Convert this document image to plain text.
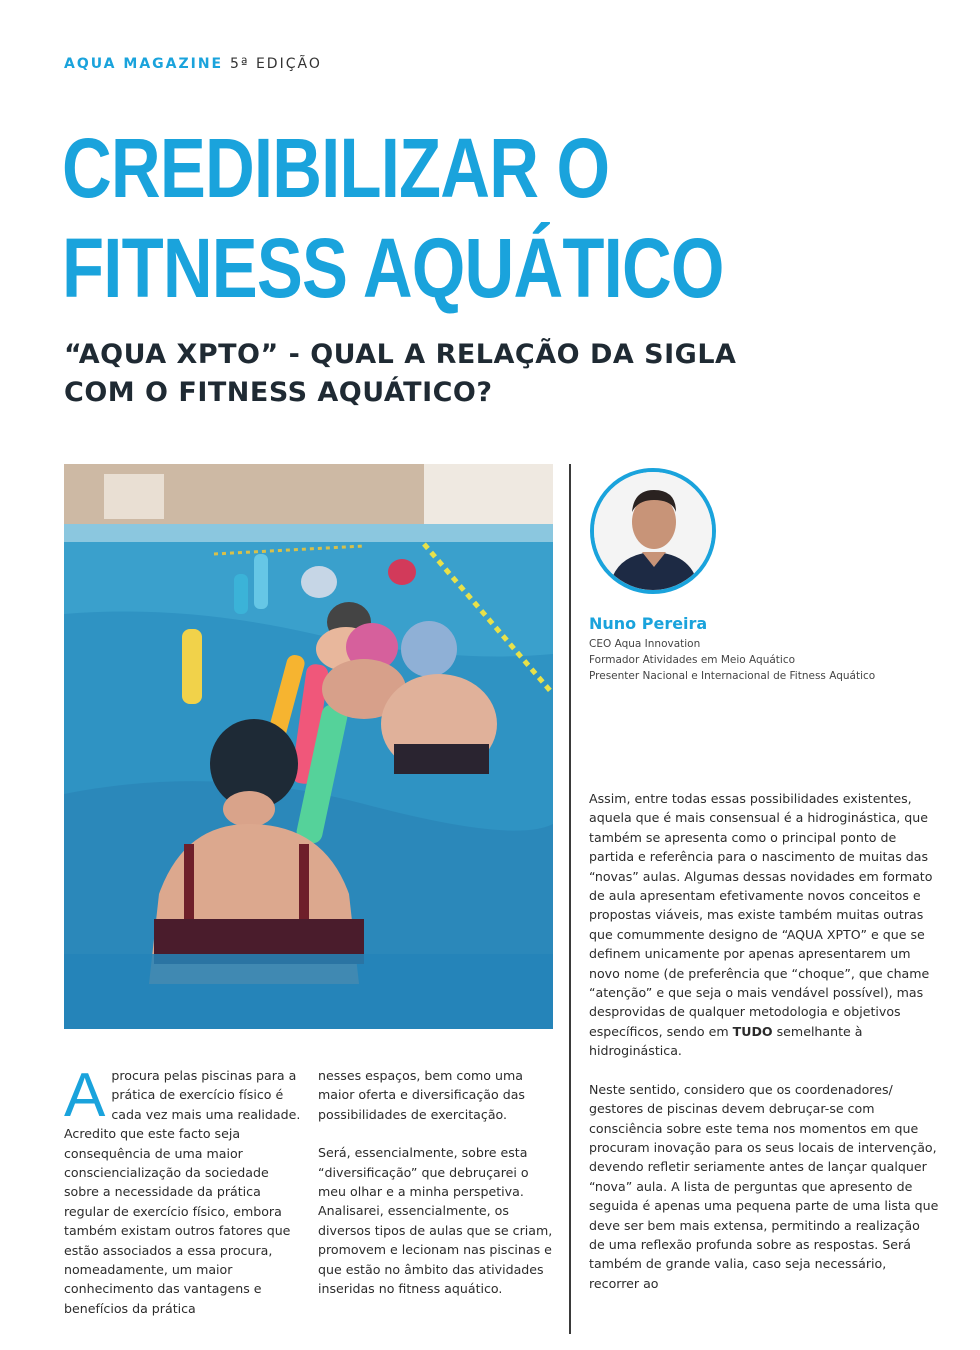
AQUA MAGAZINE 5ª EDIÇÃO
CREDIBILIZAR O
FITNESS AQUÁTICO
“AQUA XPTO” - QUAL A RELAÇÃO DA SIGLA
COM O FITNESS AQUÁTICO?
Nuno Pereira
CEO Aqua Innovation
Formador Atividades em Meio Aquático
Presenter Nacional e Internacional de Fitness Aquático

Aprocura pelas piscinas para a prática de exercício físico é cada vez mais uma realidade. Acredito que este facto seja consequência de uma maior consciencialização da sociedade sobre a necessidade da prática regular de exercício físico, embora também existam outros fatores que estão associados a essa procura, nomeadamente, um maior conhecimento das vantagens e benefícios da prática

nesses espaços, bem como uma maior oferta e diversificação das possibilidades de exercitação.

Será, essencialmente, sobre esta “diversificação” que debruçarei o meu olhar e a minha perspetiva. Analisarei, essencialmente, os diversos tipos de aulas que se criam, promovem e lecionam nas piscinas e que estão no âmbito das atividades inseridas no fitness aquático.

Assim, entre todas essas possibilidades existentes, aquela que é mais consensual é a hidroginástica, que também se apresenta como o principal ponto de partida e referência para o nascimento de muitas das “novas” aulas. Algumas dessas novidades em formato de aula apresentam efetivamente novos conceitos e propostas viáveis, mas existe também muitas outras que comummente designo de “AQUA XPTO” e que se definem unicamente por apenas apresentarem um novo nome (de preferência que “choque”, que chame “atenção” e que seja o mais vendável possível), mas desprovidas de qualquer metodologia e objetivos específicos, sendo em TUDO semelhante à hidroginástica.

Neste sentido, considero que os coordenadores/ gestores de piscinas devem debruçar-se com consciência sobre este tema nos momentos em que procuram inovação para os seus locais de intervenção, devendo refletir seriamente antes de lançar qualquer “nova” aula. A lista de perguntas que apresento de seguida é apenas uma pequena parte de uma lista que deve ser bem mais extensa, permitindo a realização de uma reflexão profunda sobre as respostas. Será também de grande valia, caso seja necessário, recorrer ao
